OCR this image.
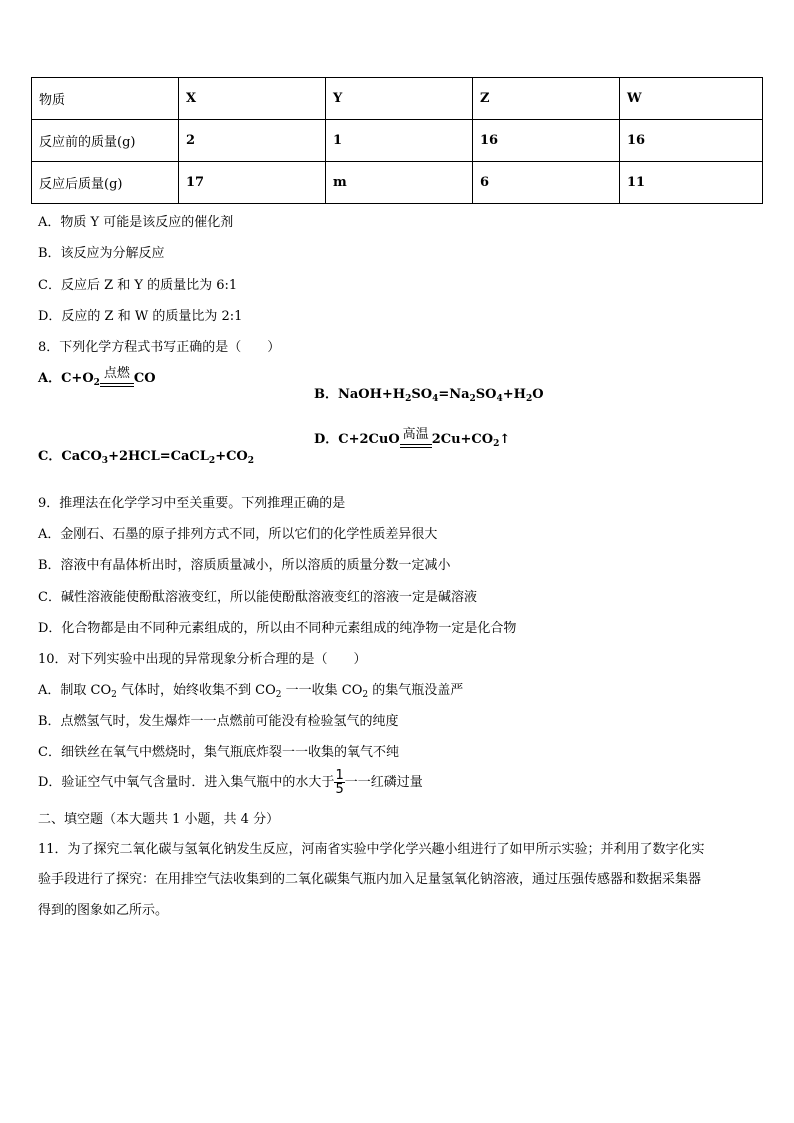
物质	X	Y	Z	W
反应前的质量(g)	2	1	16	16
反应后质量(g)	17	m	6	11
A．物质 Y 可能是该反应的催化剂
B．该反应为分解反应
C．反应后 Z 和 Y 的质量比为 6:1
D．反应的 Z 和 W 的质量比为 2:1
8．下列化学方程式书写正确的是（　　）
A．$C+O_2$
点燃 CO
B．$NaOH+H_2SO_4=Na_2SO_4+H_2O$
C．$CaCO_3+2HCL=CaCL_2+CO_2$
D．C+2CuO 高温 $2Cu+CO_2↑$
9．推理法在化学学习中至关重要。下列推理正确的是
A．金刚石、石墨的原子排列方式不同，所以它们的化学性质差异很大
B．溶液中有晶体析出时，溶质质量减小，所以溶质的质量分数一定减小
C．碱性溶液能使酚酞溶液变红，所以能使酚酞溶液变红的溶液一定是碱溶液
D．化合物都是由不同种元素组成的，所以由不同种元素组成的纯净物一定是化合物
10．对下列实验中出现的异常现象分析合理的是（　　）
A．制取 $CO_2$ 气体时，始终收集不到 $CO_2$ 一一收集 $CO_2$ 的集气瓶没盖严
B．点燃氢气时，发生爆炸一一点燃前可能没有检验氢气的纯度
C．细铁丝在氧气中燃烧时，集气瓶底炸裂一一收集的氧气不纯
D．验证空气中氧气含量时．进入集气瓶中的水大于 $\frac{1}{5}$ 一一红磷过量
二、填空题（本大题共 1 小题，共 4 分）
11．为了探究二氧化碳与氢氧化钠发生反应，河南省实验中学化学兴趣小组进行了如甲所示实验；并利用了数字化实
验手段进行了探究：在用排空气法收集到的二氧化碳集气瓶内加入足量氢氧化钠溶液，通过压强传感器和数据采集器
得到的图象如乙所示。
